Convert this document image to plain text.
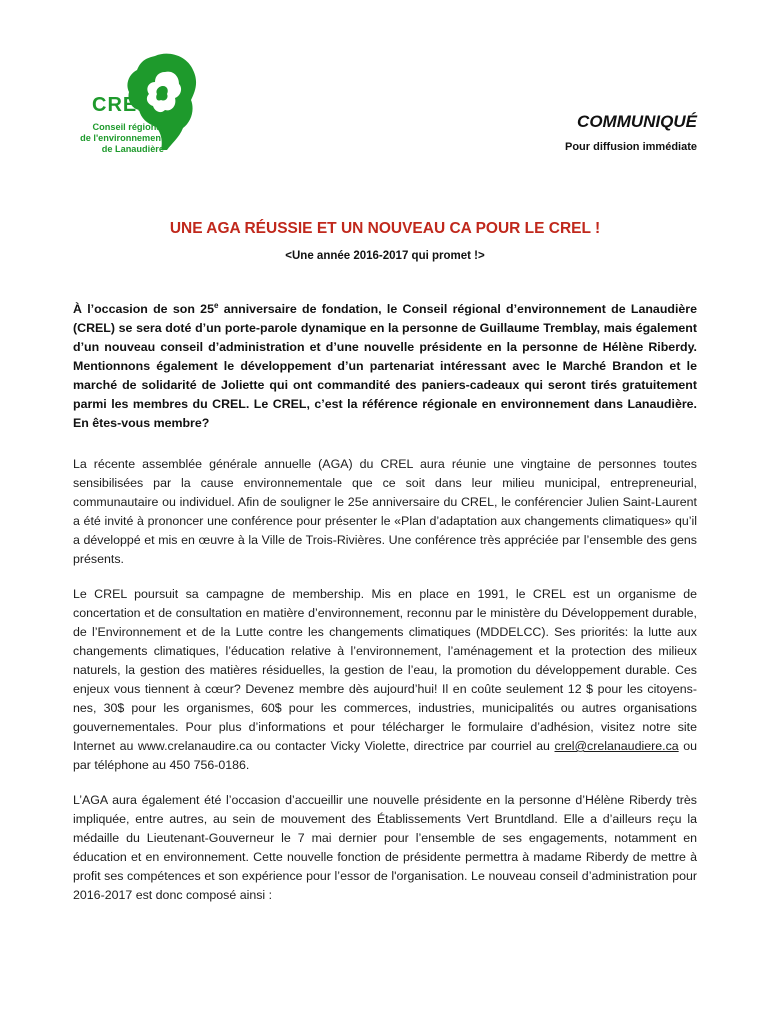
CREL
Conseil régional
de l'environnement
de Lanaudière
COMMUNIQUÉ
Pour diffusion immédiate
UNE AGA RÉUSSIE ET UN NOUVEAU CA POUR LE CREL !
<Une année 2016-2017 qui promet !>

À l’occasion de son 25e anniversaire de fondation, le Conseil régional d’environnement de Lanaudière (CREL) se sera doté d’un porte-parole dynamique en la personne de Guillaume Tremblay, mais également d’un nouveau conseil d’administration et d’une nouvelle présidente en la personne de Hélène Riberdy. Mentionnons également le développement d’un partenariat intéressant avec le Marché Brandon et le marché de solidarité de Joliette qui ont commandité des paniers-cadeaux qui seront tirés gratuitement parmi les membres du CREL. Le CREL, c’est la référence régionale en environnement dans Lanaudière. En êtes-vous membre?

La récente assemblée générale annuelle (AGA) du CREL aura réunie une vingtaine de personnes toutes sensibilisées par la cause environnementale que ce soit dans leur milieu municipal, entrepreneurial, communautaire ou individuel. Afin de souligner le 25e anniversaire du CREL, le conférencier Julien Saint-Laurent a été invité à prononcer une conférence pour présenter le «Plan d’adaptation aux changements climatiques» qu’il a développé et mis en œuvre à la Ville de Trois-Rivières. Une conférence très appréciée par l’ensemble des gens présents.

Le CREL poursuit sa campagne de membership. Mis en place en 1991, le CREL est un organisme de concertation et de consultation en matière d’environnement, reconnu par le ministère du Développement durable, de l’Environnement et de la Lutte contre les changements climatiques (MDDELCC). Ses priorités: la lutte aux changements climatiques, l’éducation relative à l’environnement, l’aménagement et la protection des milieux naturels, la gestion des matières résiduelles, la gestion de l’eau, la promotion du développement durable. Ces enjeux vous tiennent à cœur? Devenez membre dès aujourd’hui! Il en coûte seulement 12 $ pour les citoyens-nes, 30$ pour les organismes, 60$ pour les commerces, industries, municipalités ou autres organisations gouvernementales. Pour plus d’informations et pour télécharger le formulaire d’adhésion, visitez notre site Internet au www.crelanaudire.ca ou contacter Vicky Violette, directrice par courriel au crel@crelanaudiere.ca ou par téléphone au 450 756-0186.

L’AGA aura également été l’occasion d’accueillir une nouvelle présidente en la personne d’Hélène Riberdy très impliquée, entre autres, au sein de mouvement des Établissements Vert Bruntdland. Elle a d’ailleurs reçu la médaille du Lieutenant-Gouverneur le 7 mai dernier pour l’ensemble de ses engagements, notamment en éducation et en environnement. Cette nouvelle fonction de présidente permettra à madame Riberdy de mettre à profit ses compétences et son expérience pour l’essor de l'organisation. Le nouveau conseil d’administration pour 2016-2017 est donc composé ainsi :
